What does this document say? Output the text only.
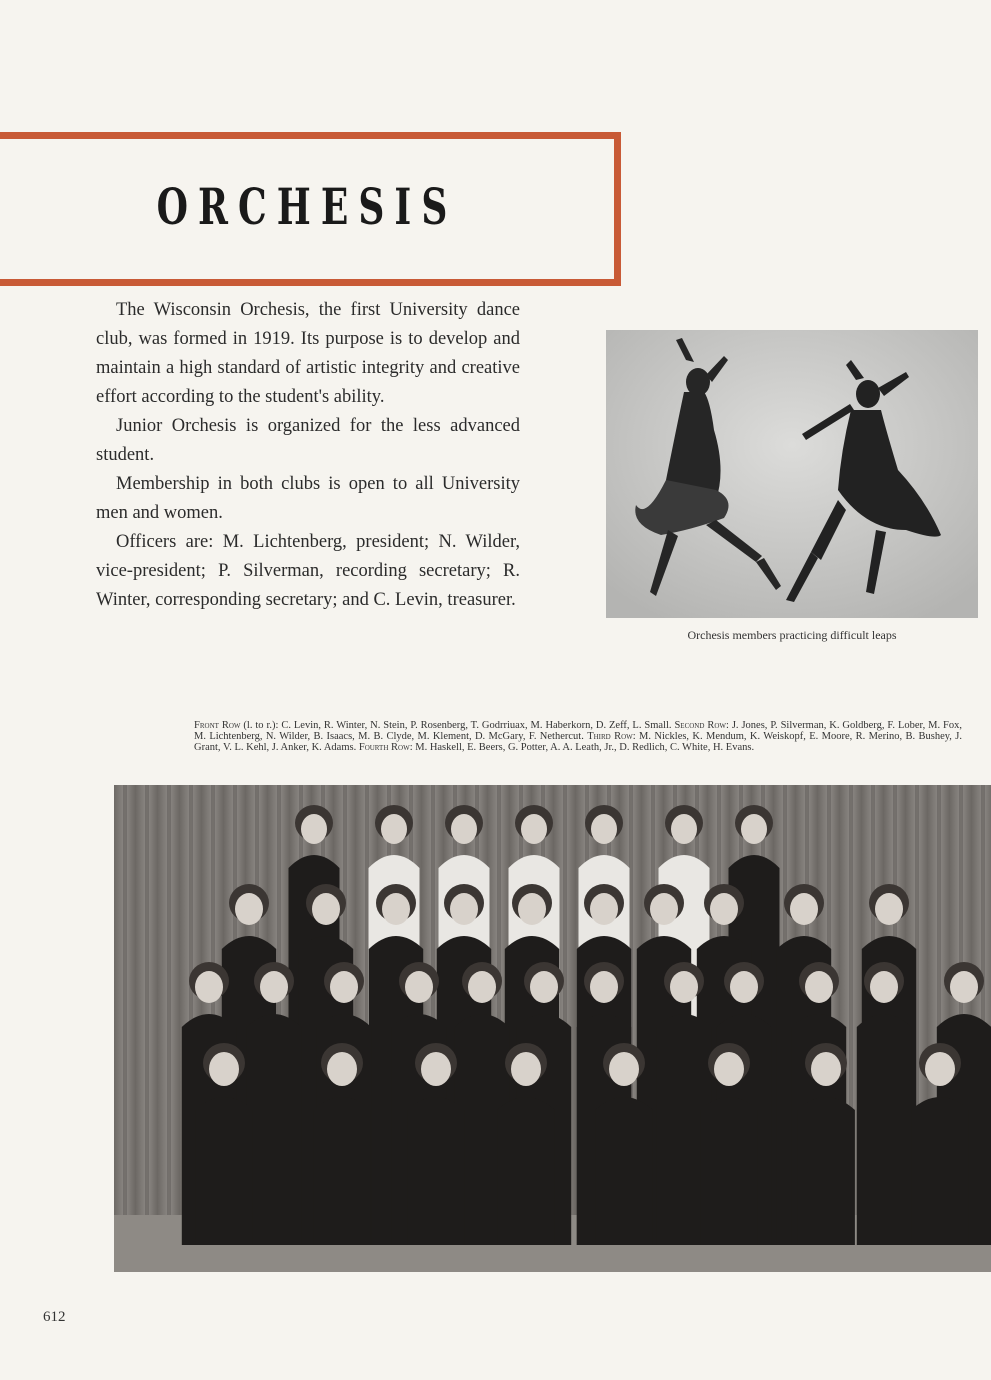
ORCHESIS

The Wisconsin Orchesis, the first University dance club, was formed in 1919. Its purpose is to develop and maintain a high standard of artistic integrity and creative effort according to the student's ability.

Junior Orchesis is organized for the less advanced student.

Membership in both clubs is open to all University men and women.

Officers are: M. Lichtenberg, president; N. Wilder, vice-president; P. Silverman, recording secretary; R. Winter, corresponding secretary; and C. Levin, treasurer.

Orchesis members practicing difficult leaps
Front Row (l. to r.): C. Levin, R. Winter, N. Stein, P. Rosenberg, T. Godrriuax, M. Haberkorn, D. Zeff, L. Small. Second Row: J. Jones, P. Silverman, K. Goldberg, F. Lober, M. Fox, M. Lichtenberg, N. Wilder, B. Isaacs, M. B. Clyde, M. Klement, D. McGary, F. Nethercut. Third Row: M. Nickles, K. Mendum, K. Weiskopf, E. Moore, R. Merino, B. Bushey, J. Grant, V. L. Kehl, J. Anker, K. Adams. Fourth Row: M. Haskell, E. Beers, G. Potter, A. A. Leath, Jr., D. Redlich, C. White, H. Evans.
612
